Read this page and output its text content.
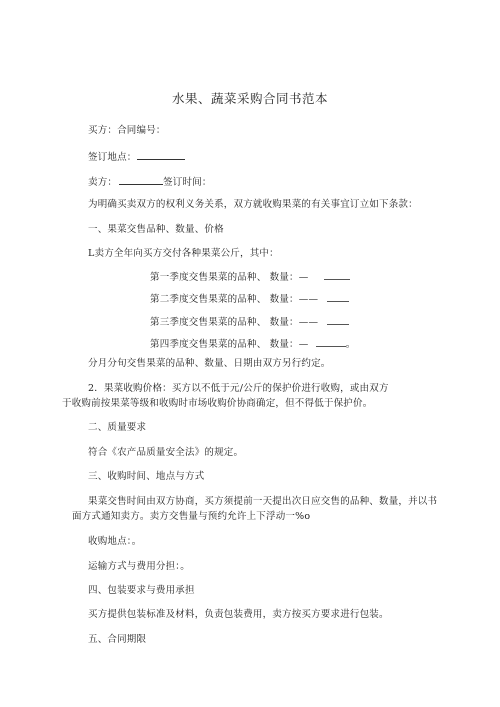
水果、蔬菜采购合同书范本
买方：合同编号：
签订地点：
卖方：	签订时间：
为明确买卖双方的权利义务关系，双方就收购果菜的有关事宜订立如下条款：
一、果菜交售品种、数量、价格
L卖方全年向买方交付各种果菜公斤，其中：
第一季度交售果菜的品种、 数量：—
第二季度交售果菜的品种、 数量：——
第三季度交售果菜的品种、 数量：——
第四季度交售果菜的品种、 数量：—	。
分月分旬交售果菜的品种、数量、日期由双方另行约定。
2．果菜收购价格：买方以不低于元/公斤的保护价进行收购，或由双方
于收购前按果菜等级和收购时市场收购价协商确定，但不得低于保护价。
二、质量要求
符合《农产品质量安全法》的规定。
三、收购时间、地点与方式
果菜交售时间由双方协商，买方须提前一天提出次日应交售的品种、数量，并以书
面方式通知卖方。卖方交售量与预约允许上下浮动一%o
收购地点：。
运输方式与费用分担：。
四、包装要求与费用承担
买方提供包装标准及材料，负责包装费用，卖方按买方要求进行包装。
五、合同期限
